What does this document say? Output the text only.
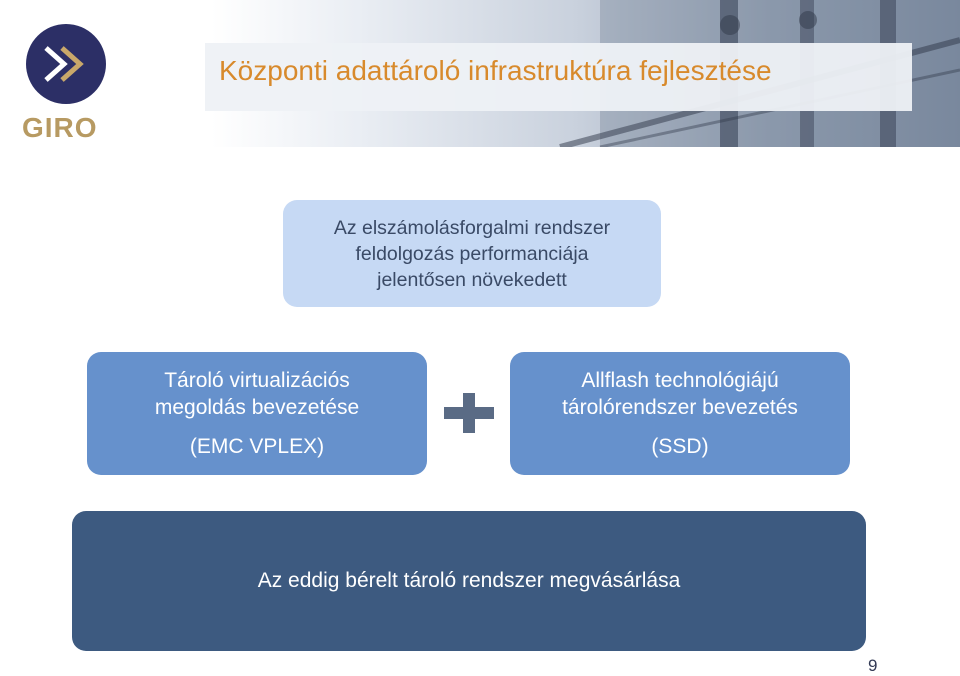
Központi adattároló infrastruktúra fejlesztése
GIRO
Az elszámolásforgalmi rendszer
feldolgozás performanciája
jelentősen növekedett
Tároló virtualizációs
megoldás bevezetése
(EMC VPLEX)
Allflash technológiájú
tárolórendszer bevezetés
(SSD)
Az eddig bérelt tároló rendszer megvásárlása
9
